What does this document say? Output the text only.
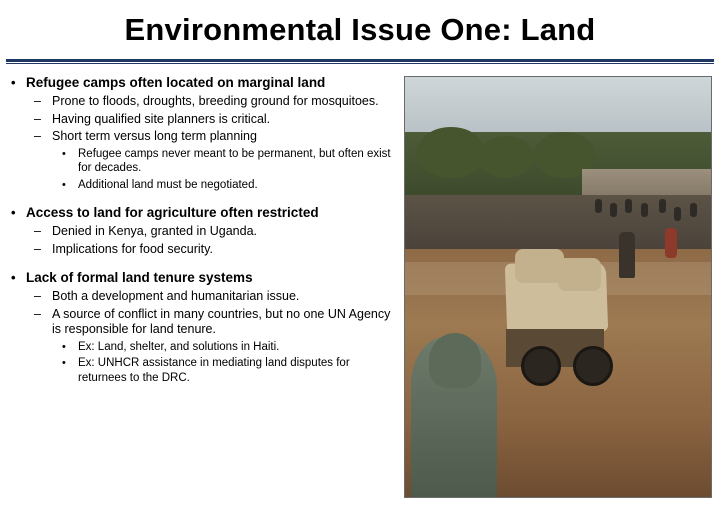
Environmental Issue One: Land
• Refugee camps often located on marginal land
– Prone to floods, droughts, breeding ground for mosquitoes.
– Having qualified site planners is critical.
– Short term versus long term planning
• Refugee camps never meant to be permanent, but often exist for decades.
• Additional land must be negotiated.
• Access to land for agriculture often restricted
– Denied in Kenya, granted in Uganda.
– Implications for food security.
• Lack of formal land tenure systems
– Both a development and humanitarian issue.
– A source of conflict in many countries, but no one UN Agency is responsible for land tenure.
• Ex: Land, shelter, and solutions in Haiti.
• Ex: UNHCR assistance in mediating land disputes for returnees to the DRC.
